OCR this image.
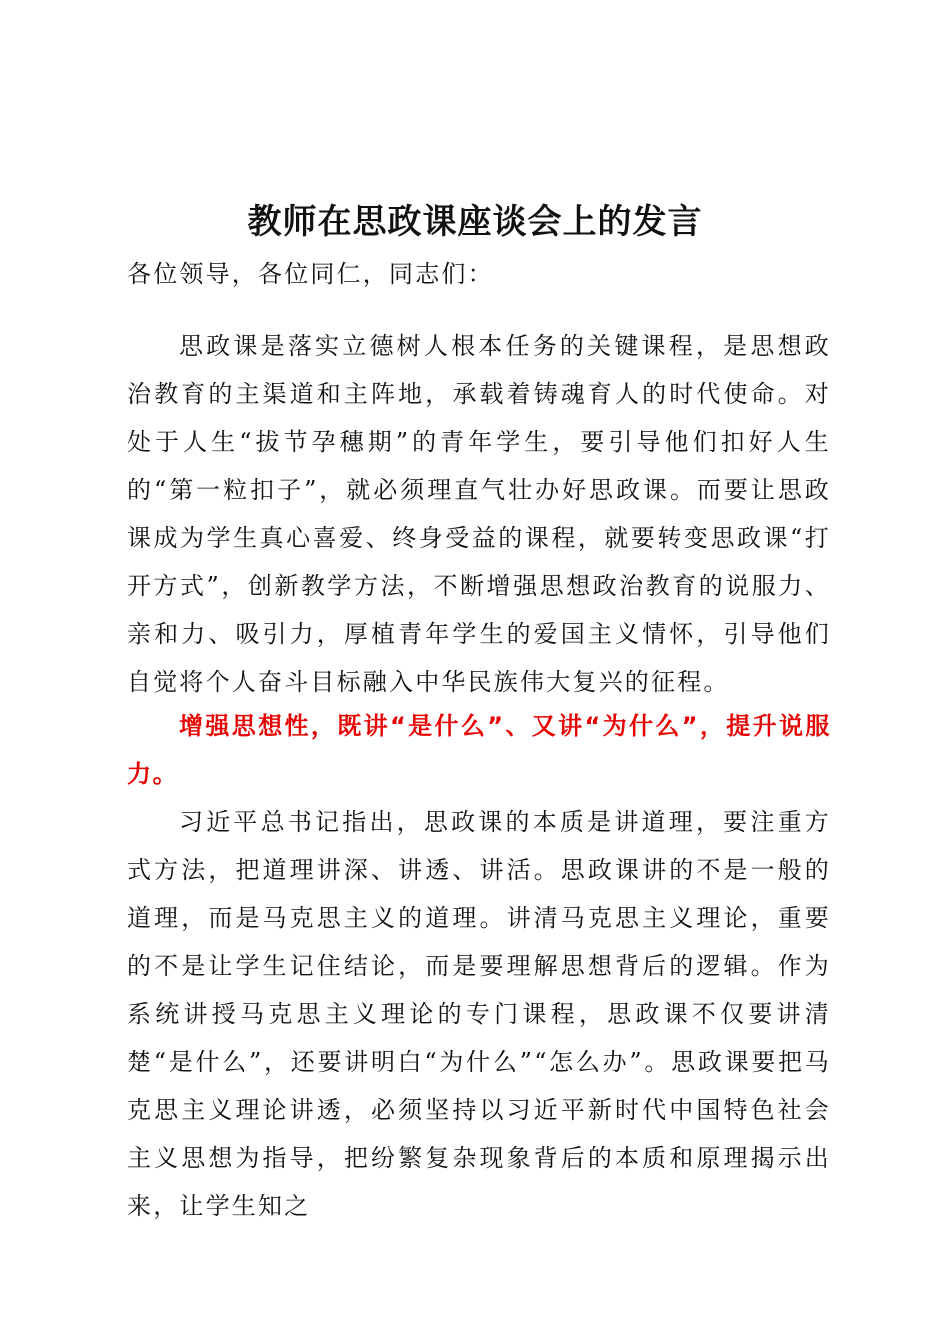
教师在思政课座谈会上的发言

各位领导，各位同仁，同志们：

思政课是落实立德树人根本任务的关键课程，是思想政治教育的主渠道和主阵地，承载着铸魂育人的时代使命。对处于人生“拔节孕穗期”的青年学生，要引导他们扣好人生的“第一粒扣子”，就必须理直气壮办好思政课。而要让思政课成为学生真心喜爱、终身受益的课程，就要转变思政课“打开方式”，创新教学方法，不断增强思想政治教育的说服力、亲和力、吸引力，厚植青年学生的爱国主义情怀，引导他们自觉将个人奋斗目标融入中华民族伟大复兴的征程。

增强思想性，既讲“是什么”、又讲“为什么”，提升说服力。

习近平总书记指出，思政课的本质是讲道理，要注重方式方法，把道理讲深、讲透、讲活。思政课讲的不是一般的道理，而是马克思主义的道理。讲清马克思主义理论，重要的不是让学生记住结论，而是要理解思想背后的逻辑。作为系统讲授马克思主义理论的专门课程，思政课不仅要讲清楚“是什么”，还要讲明白“为什么”“怎么办”。思政课要把马克思主义理论讲透，必须坚持以习近平新时代中国特色社会主义思想为指导，把纷繁复杂现象背后的本质和原理揭示出来，让学生知之
